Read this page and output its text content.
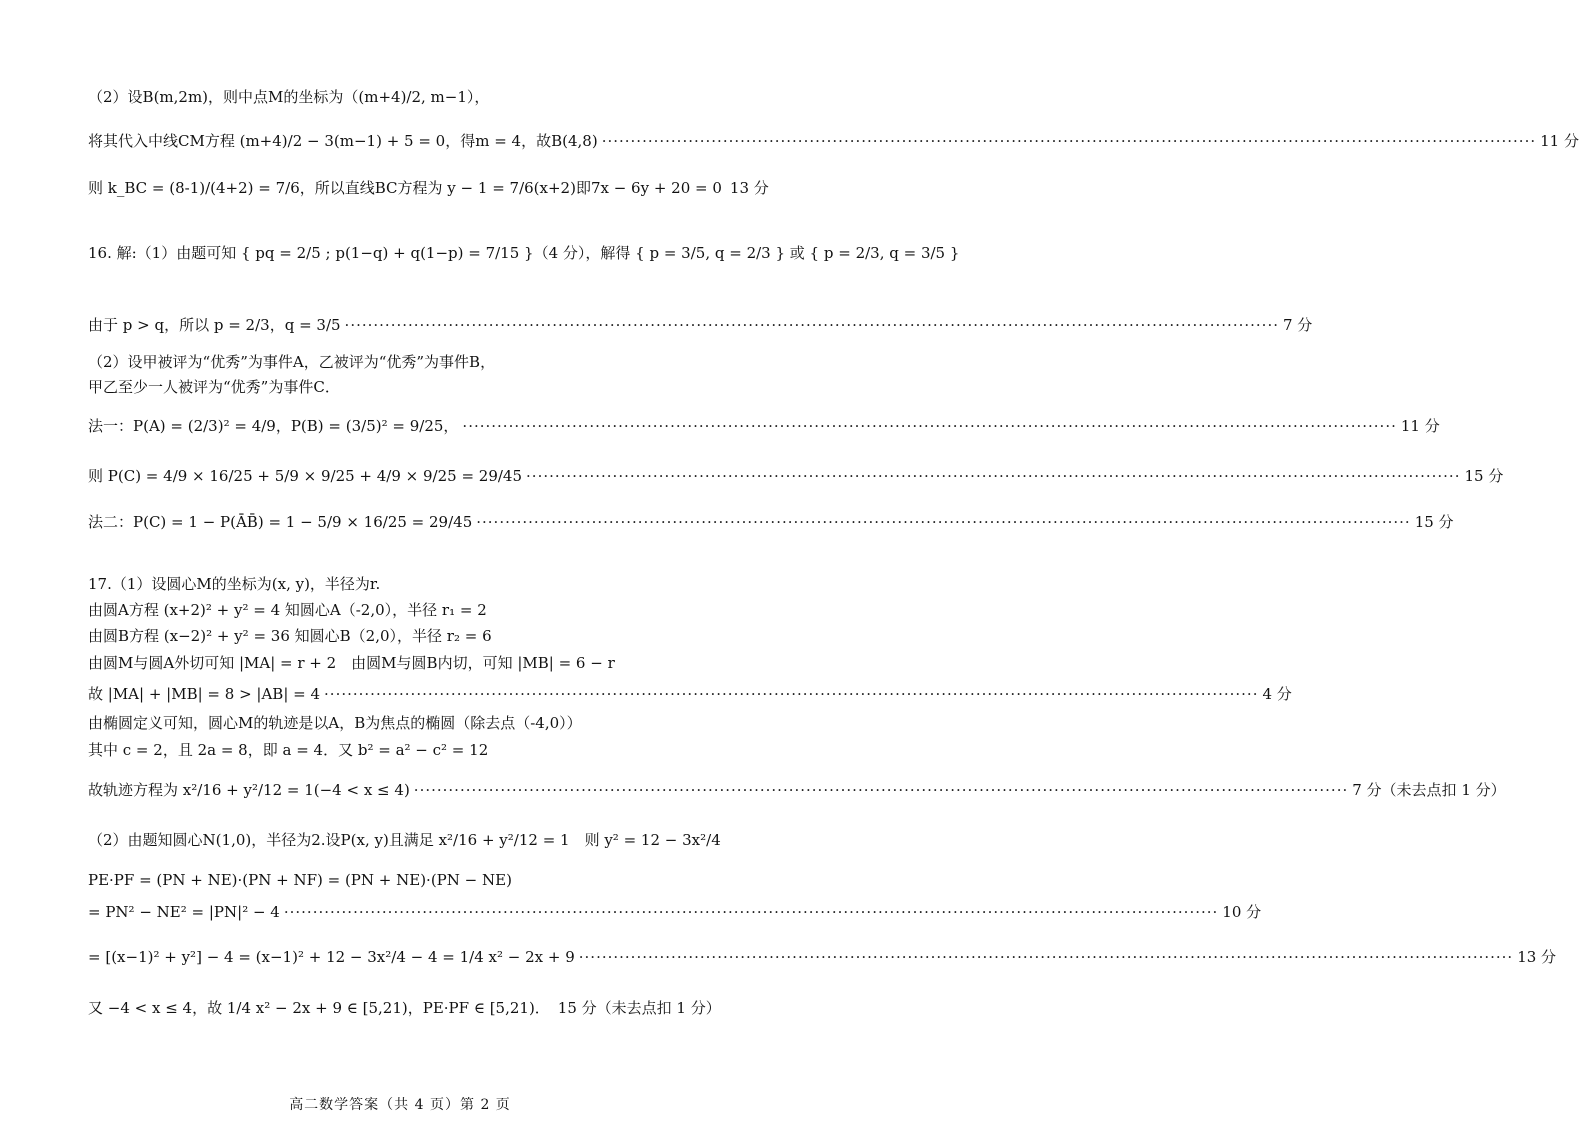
（2）设B(m,2m)，则中点M的坐标为（(m+4)/2, m−1），
将其代入中线CM方程 (m+4)/2 − 3(m−1) + 5 = 0，得m = 4，故B(4,8) ·····	11 分
则 k_BC = (8-1)/(4+2) = 7/6，所以直线BC方程为 y − 1 = 7/6(x+2)即7x − 6y + 20 = 0 13 分
16. 解:（1）由题可知 { pq = 2/5 ; p(1−q) + q(1−p) = 7/15 }（4 分），解得 { p = 3/5, q = 2/3 } 或 { p = 2/3, q = 3/5 }
由于 p > q，所以 p = 2/3，q = 3/5 ·····	7 分
（2）设甲被评为“优秀”为事件A，乙被评为“优秀”为事件B，
甲乙至少一人被评为“优秀”为事件C．
法一：P(A) = (2/3)² = 4/9，P(B) = (3/5)² = 9/25， ·····	11 分
则 P(C) = 4/9 × 16/25 + 5/9 × 9/25 + 4/9 × 9/25 = 29/45 ·····	15 分
法二：P(C) = 1 − P(ĀB̄) = 1 − 5/9 × 16/25 = 29/45 ·····	15 分
17.（1）设圆心M的坐标为(x, y)，半径为r.
由圆A方程 (x+2)² + y² = 4 知圆心A（-2,0），半径 r₁ = 2
由圆B方程 (x−2)² + y² = 36 知圆心B（2,0），半径 r₂ = 6
由圆M与圆A外切可知 |MA| = r + 2　由圆M与圆B内切，可知 |MB| = 6 − r
故 |MA| + |MB| = 8 > |AB| = 4 ·····	4 分
由椭圆定义可知，圆心M的轨迹是以A，B为焦点的椭圆（除去点（-4,0））
其中 c = 2，且 2a = 8，即 a = 4．又 b² = a² − c² = 12
故轨迹方程为 x²/16 + y²/12 = 1(−4 < x ≤ 4) ·····	7 分（未去点扣 1 分）
（2）由题知圆心N(1,0)，半径为2.设P(x, y)且满足 x²/16 + y²/12 = 1　则 y² = 12 − 3x²/4
PE·PF = (PN + NE)·(PN + NF) = (PN + NE)·(PN − NE)
= PN² − NE² = |PN|² − 4 ·····	10 分
= [(x−1)² + y²] − 4 = (x−1)² + 12 − 3x²/4 − 4 = 1/4 x² − 2x + 9 ·····	13 分
又 −4 < x ≤ 4，故 1/4 x² − 2x + 9 ∈ [5,21)，PE·PF ∈ [5,21)． 15 分（未去点扣 1 分）
高二数学答案（共 4 页）第 2 页
